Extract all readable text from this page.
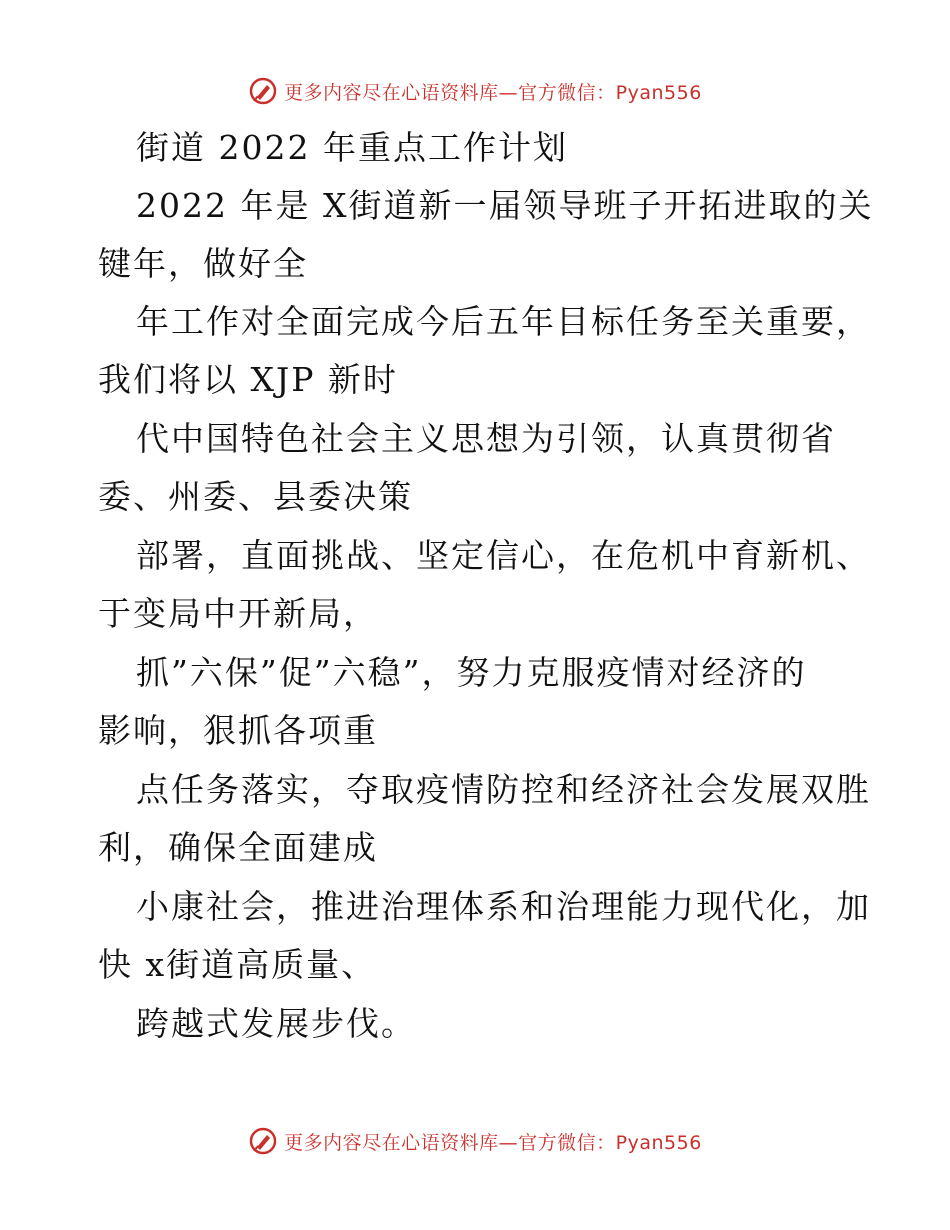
更多内容尽在心语资料库—官方微信：Pyan556
街道 2022 年重点工作计划
2022 年是 X街道新一届领导班子开拓进取的关
键年，做好全
年工作对全面完成今后五年目标任务至关重要，
我们将以 XJP 新时
代中国特色社会主义思想为引领，认真贯彻省
委、州委、县委决策
部署，直面挑战、坚定信心，在危机中育新机、
于变局中开新局，
抓”六保”促”六稳”，努力克服疫情对经济的
影响，狠抓各项重
点任务落实，夺取疫情防控和经济社会发展双胜
利，确保全面建成
小康社会，推进治理体系和治理能力现代化，加
快 x街道高质量、
跨越式发展步伐。
更多内容尽在心语资料库—官方微信：Pyan556
